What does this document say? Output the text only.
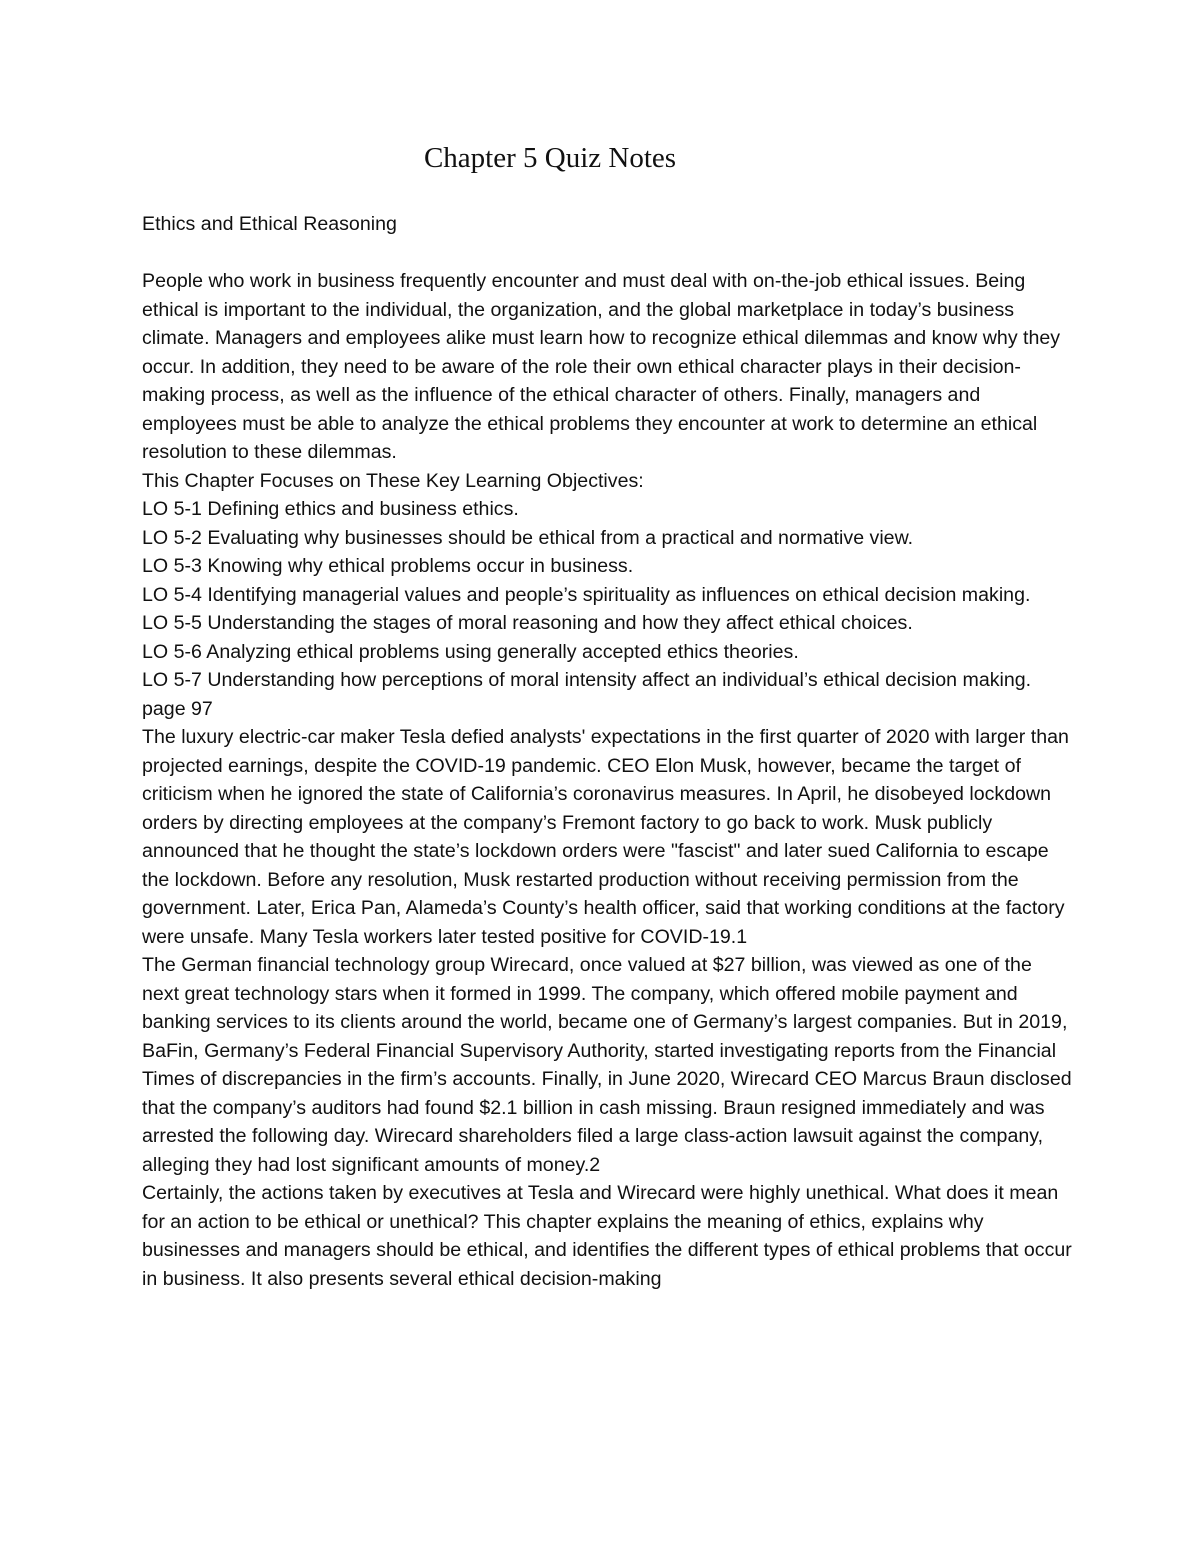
Chapter 5 Quiz Notes

Ethics and Ethical Reasoning

People who work in business frequently encounter and must deal with on-the-job ethical issues. Being ethical is important to the individual, the organization, and the global marketplace in today’s business climate. Managers and employees alike must learn how to recognize ethical dilemmas and know why they occur. In addition, they need to be aware of the role their own ethical character plays in their decision-making process, as well as the influence of the ethical character of others. Finally, managers and employees must be able to analyze the ethical problems they encounter at work to determine an ethical resolution to these dilemmas.

This Chapter Focuses on These Key Learning Objectives:

LO 5-1 Defining ethics and business ethics.
LO 5-2 Evaluating why businesses should be ethical from a practical and normative view.
LO 5-3 Knowing why ethical problems occur in business.
LO 5-4 Identifying managerial values and people’s spirituality as influences on ethical decision making.
LO 5-5 Understanding the stages of moral reasoning and how they affect ethical choices.
LO 5-6 Analyzing ethical problems using generally accepted ethics theories.
LO 5-7 Understanding how perceptions of moral intensity affect an individual’s ethical decision making.

page 97

The luxury electric-car maker Tesla defied analysts' expectations in the first quarter of 2020 with larger than projected earnings, despite the COVID-19 pandemic. CEO Elon Musk, however, became the target of criticism when he ignored the state of California’s coronavirus measures. In April, he disobeyed lockdown orders by directing employees at the company’s Fremont factory to go back to work. Musk publicly announced that he thought the state’s lockdown orders were "fascist" and later sued California to escape the lockdown. Before any resolution, Musk restarted production without receiving permission from the government. Later, Erica Pan, Alameda’s County’s health officer, said that working conditions at the factory were unsafe. Many Tesla workers later tested positive for COVID-19.1

The German financial technology group Wirecard, once valued at $27 billion, was viewed as one of the next great technology stars when it formed in 1999. The company, which offered mobile payment and banking services to its clients around the world, became one of Germany’s largest companies. But in 2019, BaFin, Germany’s Federal Financial Supervisory Authority, started investigating reports from the Financial Times of discrepancies in the firm’s accounts. Finally, in June 2020, Wirecard CEO Marcus Braun disclosed that the company’s auditors had found $2.1 billion in cash missing. Braun resigned immediately and was arrested the following day. Wirecard shareholders filed a large class-action lawsuit against the company, alleging they had lost significant amounts of money.2

Certainly, the actions taken by executives at Tesla and Wirecard were highly unethical. What does it mean for an action to be ethical or unethical? This chapter explains the meaning of ethics, explains why businesses and managers should be ethical, and identifies the different types of ethical problems that occur in business. It also presents several ethical decision-making
